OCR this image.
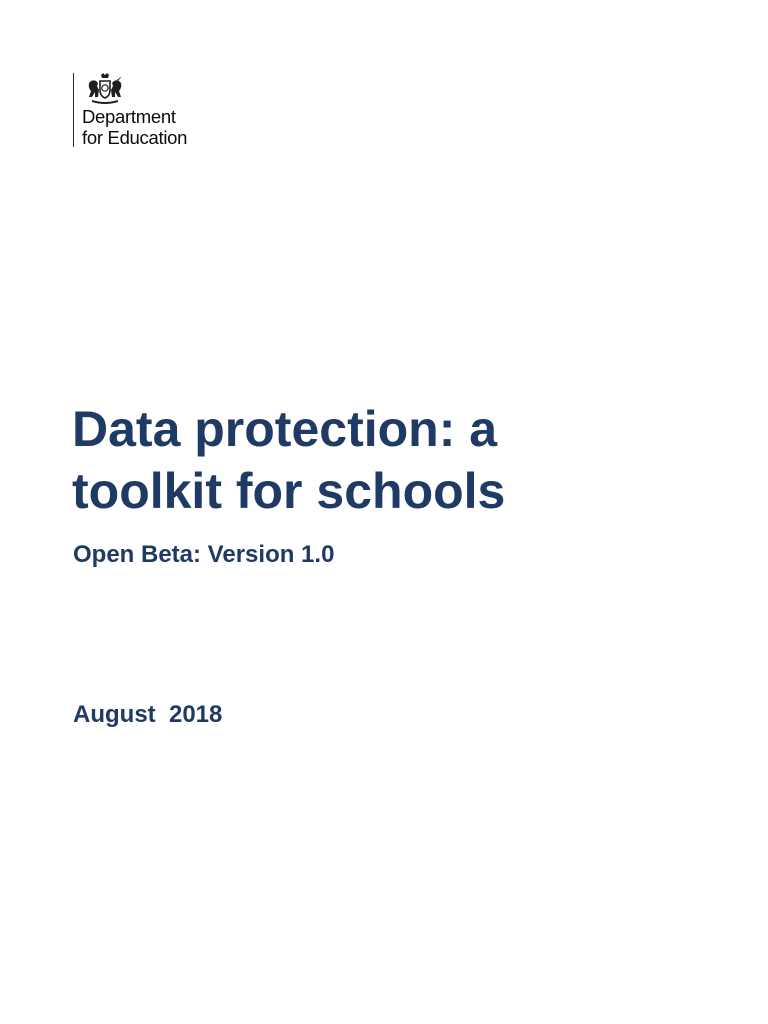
Department
for Education
Data protection: a
toolkit for schools
Open Beta: Version 1.0

August  2018
